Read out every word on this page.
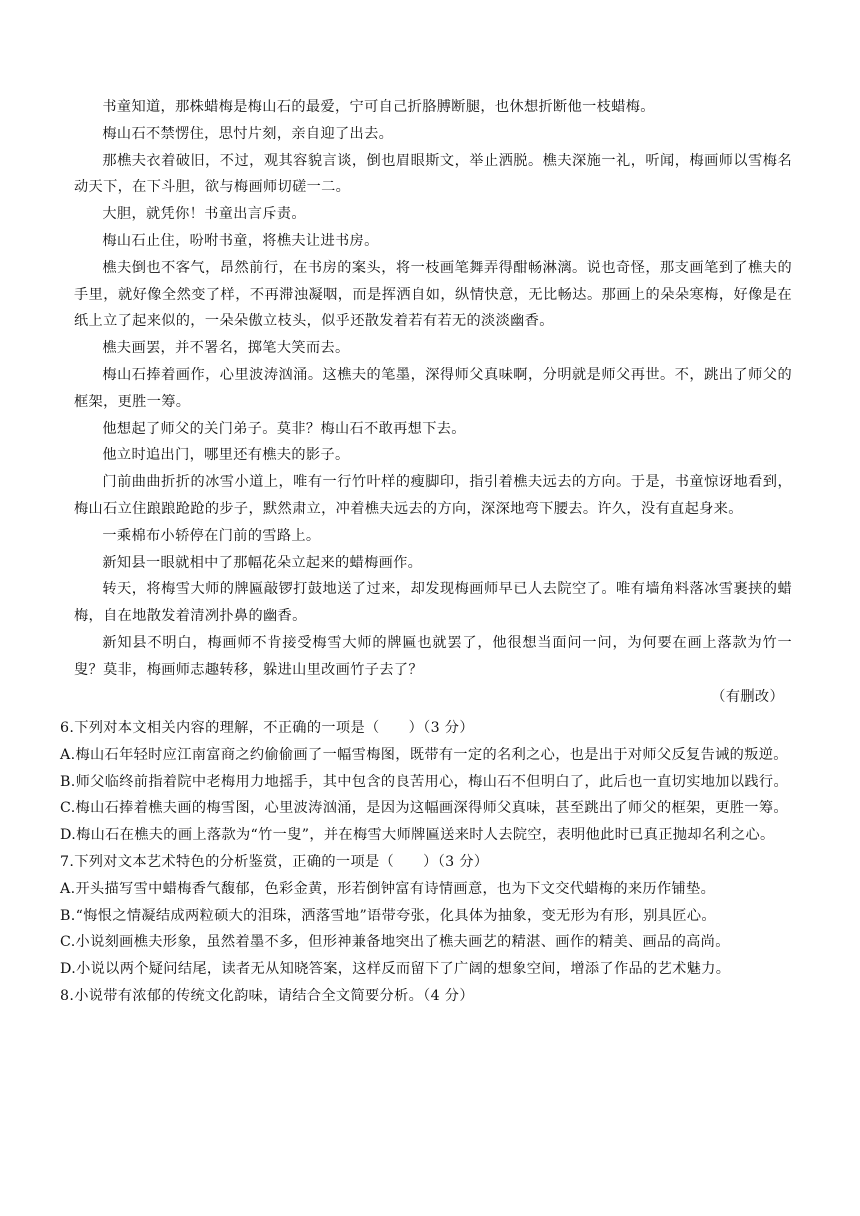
书童知道，那株蜡梅是梅山石的最爱，宁可自己折胳膊断腿，也休想折断他一枝蜡梅。

梅山石不禁愣住，思忖片刻，亲自迎了出去。

那樵夫衣着破旧，不过，观其容貌言谈，倒也眉眼斯文，举止洒脱。樵夫深施一礼，听闻，梅画师以雪梅名动天下，在下斗胆，欲与梅画师切磋一二。

大胆，就凭你！书童出言斥责。

梅山石止住，吩咐书童，将樵夫让进书房。

樵夫倒也不客气，昂然前行，在书房的案头，将一枝画笔舞弄得酣畅淋漓。说也奇怪，那支画笔到了樵夫的手里，就好像全然变了样，不再滞浊凝咽，而是挥洒自如，纵情快意，无比畅达。那画上的朵朵寒梅，好像是在纸上立了起来似的，一朵朵傲立枝头，似乎还散发着若有若无的淡淡幽香。

樵夫画罢，并不署名，掷笔大笑而去。

梅山石捧着画作，心里波涛汹涌。这樵夫的笔墨，深得师父真味啊，分明就是师父再世。不，跳出了师父的框架，更胜一筹。

他想起了师父的关门弟子。莫非？梅山石不敢再想下去。

他立时追出门，哪里还有樵夫的影子。

门前曲曲折折的冰雪小道上，唯有一行竹叶样的瘦脚印，指引着樵夫远去的方向。于是，书童惊讶地看到，梅山石立住踉踉跄跄的步子，默然肃立，冲着樵夫远去的方向，深深地弯下腰去。许久，没有直起身来。

一乘棉布小轿停在门前的雪路上。

新知县一眼就相中了那幅花朵立起来的蜡梅画作。

转天，将梅雪大师的牌匾敲锣打鼓地送了过来，却发现梅画师早已人去院空了。唯有墙角料落冰雪裹挟的蜡梅，自在地散发着清冽扑鼻的幽香。

新知县不明白，梅画师不肯接受梅雪大师的牌匾也就罢了，他很想当面问一问，为何要在画上落款为竹一叟？莫非，梅画师志趣转移，躲进山里改画竹子去了？

（有删改）

6.下列对本文相关内容的理解，不正确的一项是（　　）（3 分）

A.梅山石年轻时应江南富商之约偷偷画了一幅雪梅图，既带有一定的名利之心，也是出于对师父反复告诫的叛逆。

B.师父临终前指着院中老梅用力地摇手，其中包含的良苦用心，梅山石不但明白了，此后也一直切实地加以践行。

C.梅山石捧着樵夫画的梅雪图，心里波涛汹涌，是因为这幅画深得师父真味，甚至跳出了师父的框架，更胜一筹。

D.梅山石在樵夫的画上落款为“竹一叟”，并在梅雪大师牌匾送来时人去院空，表明他此时已真正抛却名利之心。

7.下列对文本艺术特色的分析鉴赏，正确的一项是（　　）（3 分）

A.开头描写雪中蜡梅香气馥郁，色彩金黄，形若倒钟富有诗情画意，也为下文交代蜡梅的来历作铺垫。

B.“悔恨之情凝结成两粒硕大的泪珠，洒落雪地”语带夸张，化具体为抽象，变无形为有形，别具匠心。

C.小说刻画樵夫形象，虽然着墨不多，但形神兼备地突出了樵夫画艺的精湛、画作的精美、画品的高尚。

D.小说以两个疑问结尾，读者无从知晓答案，这样反而留下了广阔的想象空间，增添了作品的艺术魅力。

8.小说带有浓郁的传统文化韵味，请结合全文简要分析。（4 分）
